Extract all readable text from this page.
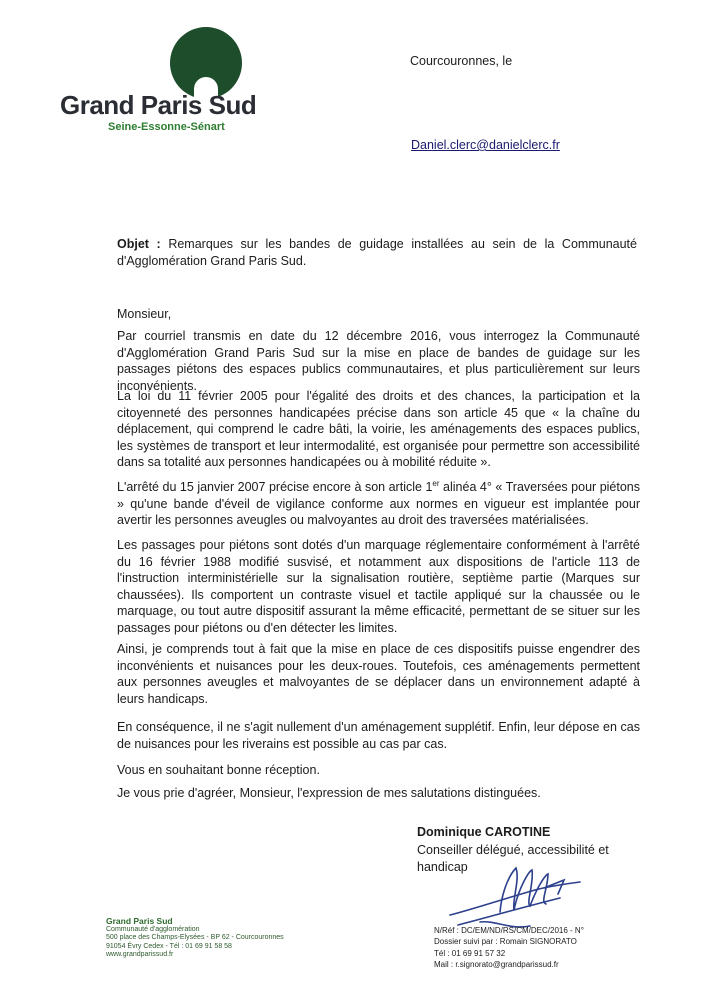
Grand Paris Sud
Seine-Essonne-Sénart
Courcouronnes, le
Daniel.clerc@danielclerc.fr
Objet : Remarques sur les bandes de guidage installées au sein de la Communauté d'Agglomération Grand Paris Sud.
Monsieur,
Par courriel transmis en date du 12 décembre 2016, vous interrogez la Communauté d'Agglomération Grand Paris Sud sur la mise en place de bandes de guidage sur les passages piétons des espaces publics communautaires, et plus particulièrement sur leurs inconvénients.
La loi du 11 février 2005 pour l'égalité des droits et des chances, la participation et la citoyenneté des personnes handicapées précise dans son article 45 que « la chaîne du déplacement, qui comprend le cadre bâti, la voirie, les aménagements des espaces publics, les systèmes de transport et leur intermodalité, est organisée pour permettre son accessibilité dans sa totalité aux personnes handicapées ou à mobilité réduite ».
L'arrêté du 15 janvier 2007 précise encore à son article 1er alinéa 4° « Traversées pour piétons » qu'une bande d'éveil de vigilance conforme aux normes en vigueur est implantée pour avertir les personnes aveugles ou malvoyantes au droit des traversées matérialisées.
Les passages pour piétons sont dotés d'un marquage réglementaire conformément à l'arrêté du 16 février 1988 modifié susvisé, et notamment aux dispositions de l'article 113 de l'instruction interministérielle sur la signalisation routière, septième partie (Marques sur chaussées). Ils comportent un contraste visuel et tactile appliqué sur la chaussée ou le marquage, ou tout autre dispositif assurant la même efficacité, permettant de se situer sur les passages pour piétons ou d'en détecter les limites.
Ainsi, je comprends tout à fait que la mise en place de ces dispositifs puisse engendrer des inconvénients et nuisances pour les deux-roues. Toutefois, ces aménagements permettent aux personnes aveugles et malvoyantes de se déplacer dans un environnement adapté à leurs handicaps.
En conséquence, il ne s'agit nullement d'un aménagement supplétif. Enfin, leur dépose en cas de nuisances pour les riverains est possible au cas par cas.
Vous en souhaitant bonne réception.
Je vous prie d'agréer, Monsieur, l'expression de mes salutations distinguées.
Dominique CAROTINE
Conseiller délégué, accessibilité et handicap
Grand Paris Sud
Communauté d'agglomération
500 place des Champs-Elysées - BP 62 - Courcouronnes
91054 Évry Cedex - Tél : 01 69 91 58 58
www.grandparissud.fr
N/Réf : DC/EM/ND/RS/CM/DEC/2016 - N°
Dossier suivi par : Romain SIGNORATO
Tél : 01 69 91 57 32
Mail : r.signorato@grandparissud.fr
